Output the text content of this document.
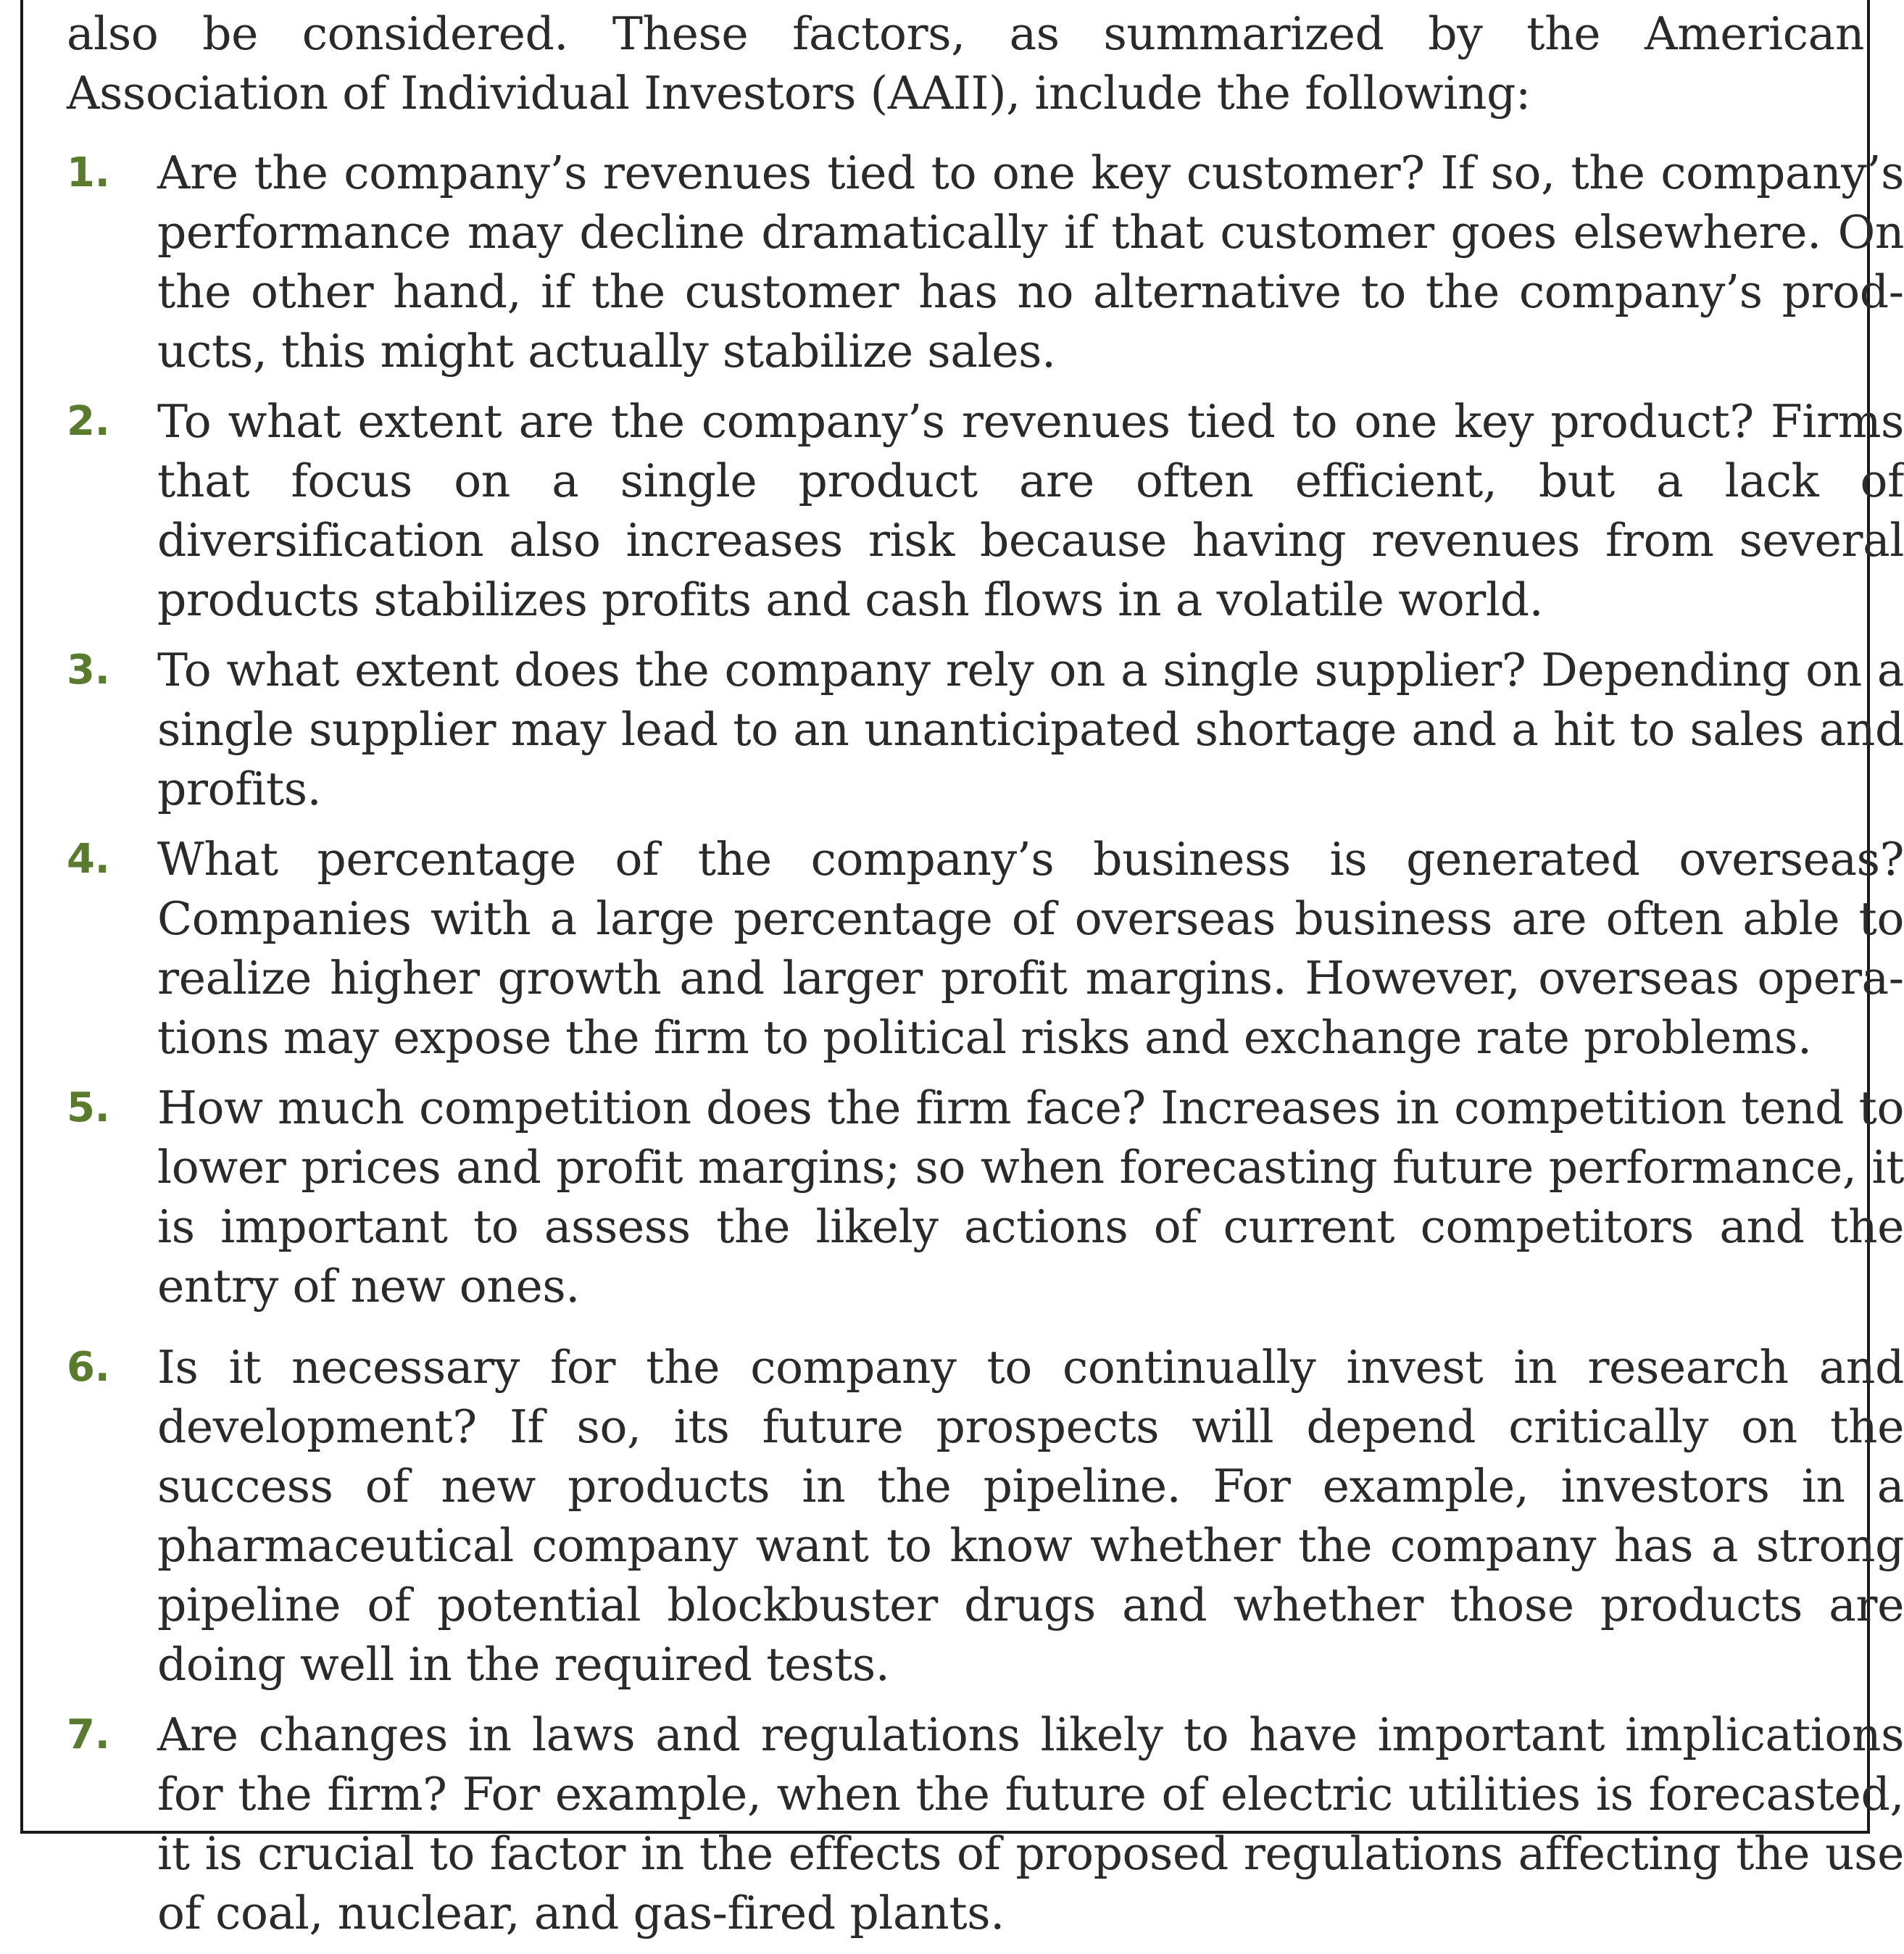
also be considered. These factors, as summarized by the American Association of Individual Investors (AAII), include the following:

1.	Are the company’s revenues tied to one key customer? If so, the company’s performance may decline dramatically if that customer goes elsewhere. On the other hand, if the customer has no alternative to the company’s products, this might actually stabilize sales.
2.	To what extent are the company’s revenues tied to one key product? Firms that focus on a single product are often efficient, but a lack of diversification also increases risk because having revenues from several products stabilizes profits and cash flows in a volatile world.
3.	To what extent does the company rely on a single supplier? Depending on a single supplier may lead to an unanticipated shortage and a hit to sales and profits.
4.	What percentage of the company’s business is generated overseas? Companies with a large percentage of overseas business are often able to realize higher growth and larger profit margins. However, overseas operations may expose the firm to political risks and exchange rate problems.
5.	How much competition does the firm face? Increases in competition tend to lower prices and profit margins; so when forecasting future performance, it is important to assess the likely actions of current competitors and the entry of new ones.
6.	Is it necessary for the company to continually invest in research and development? If so, its future prospects will depend critically on the success of new products in the pipeline. For example, investors in a pharmaceutical company want to know whether the company has a strong pipeline of potential blockbuster drugs and whether those products are doing well in the required tests.
7.	Are changes in laws and regulations likely to have important implications for the firm? For example, when the future of electric utilities is forecasted, it is crucial to factor in the effects of proposed regulations affecting the use of coal, nuclear, and gas-fired plants.
